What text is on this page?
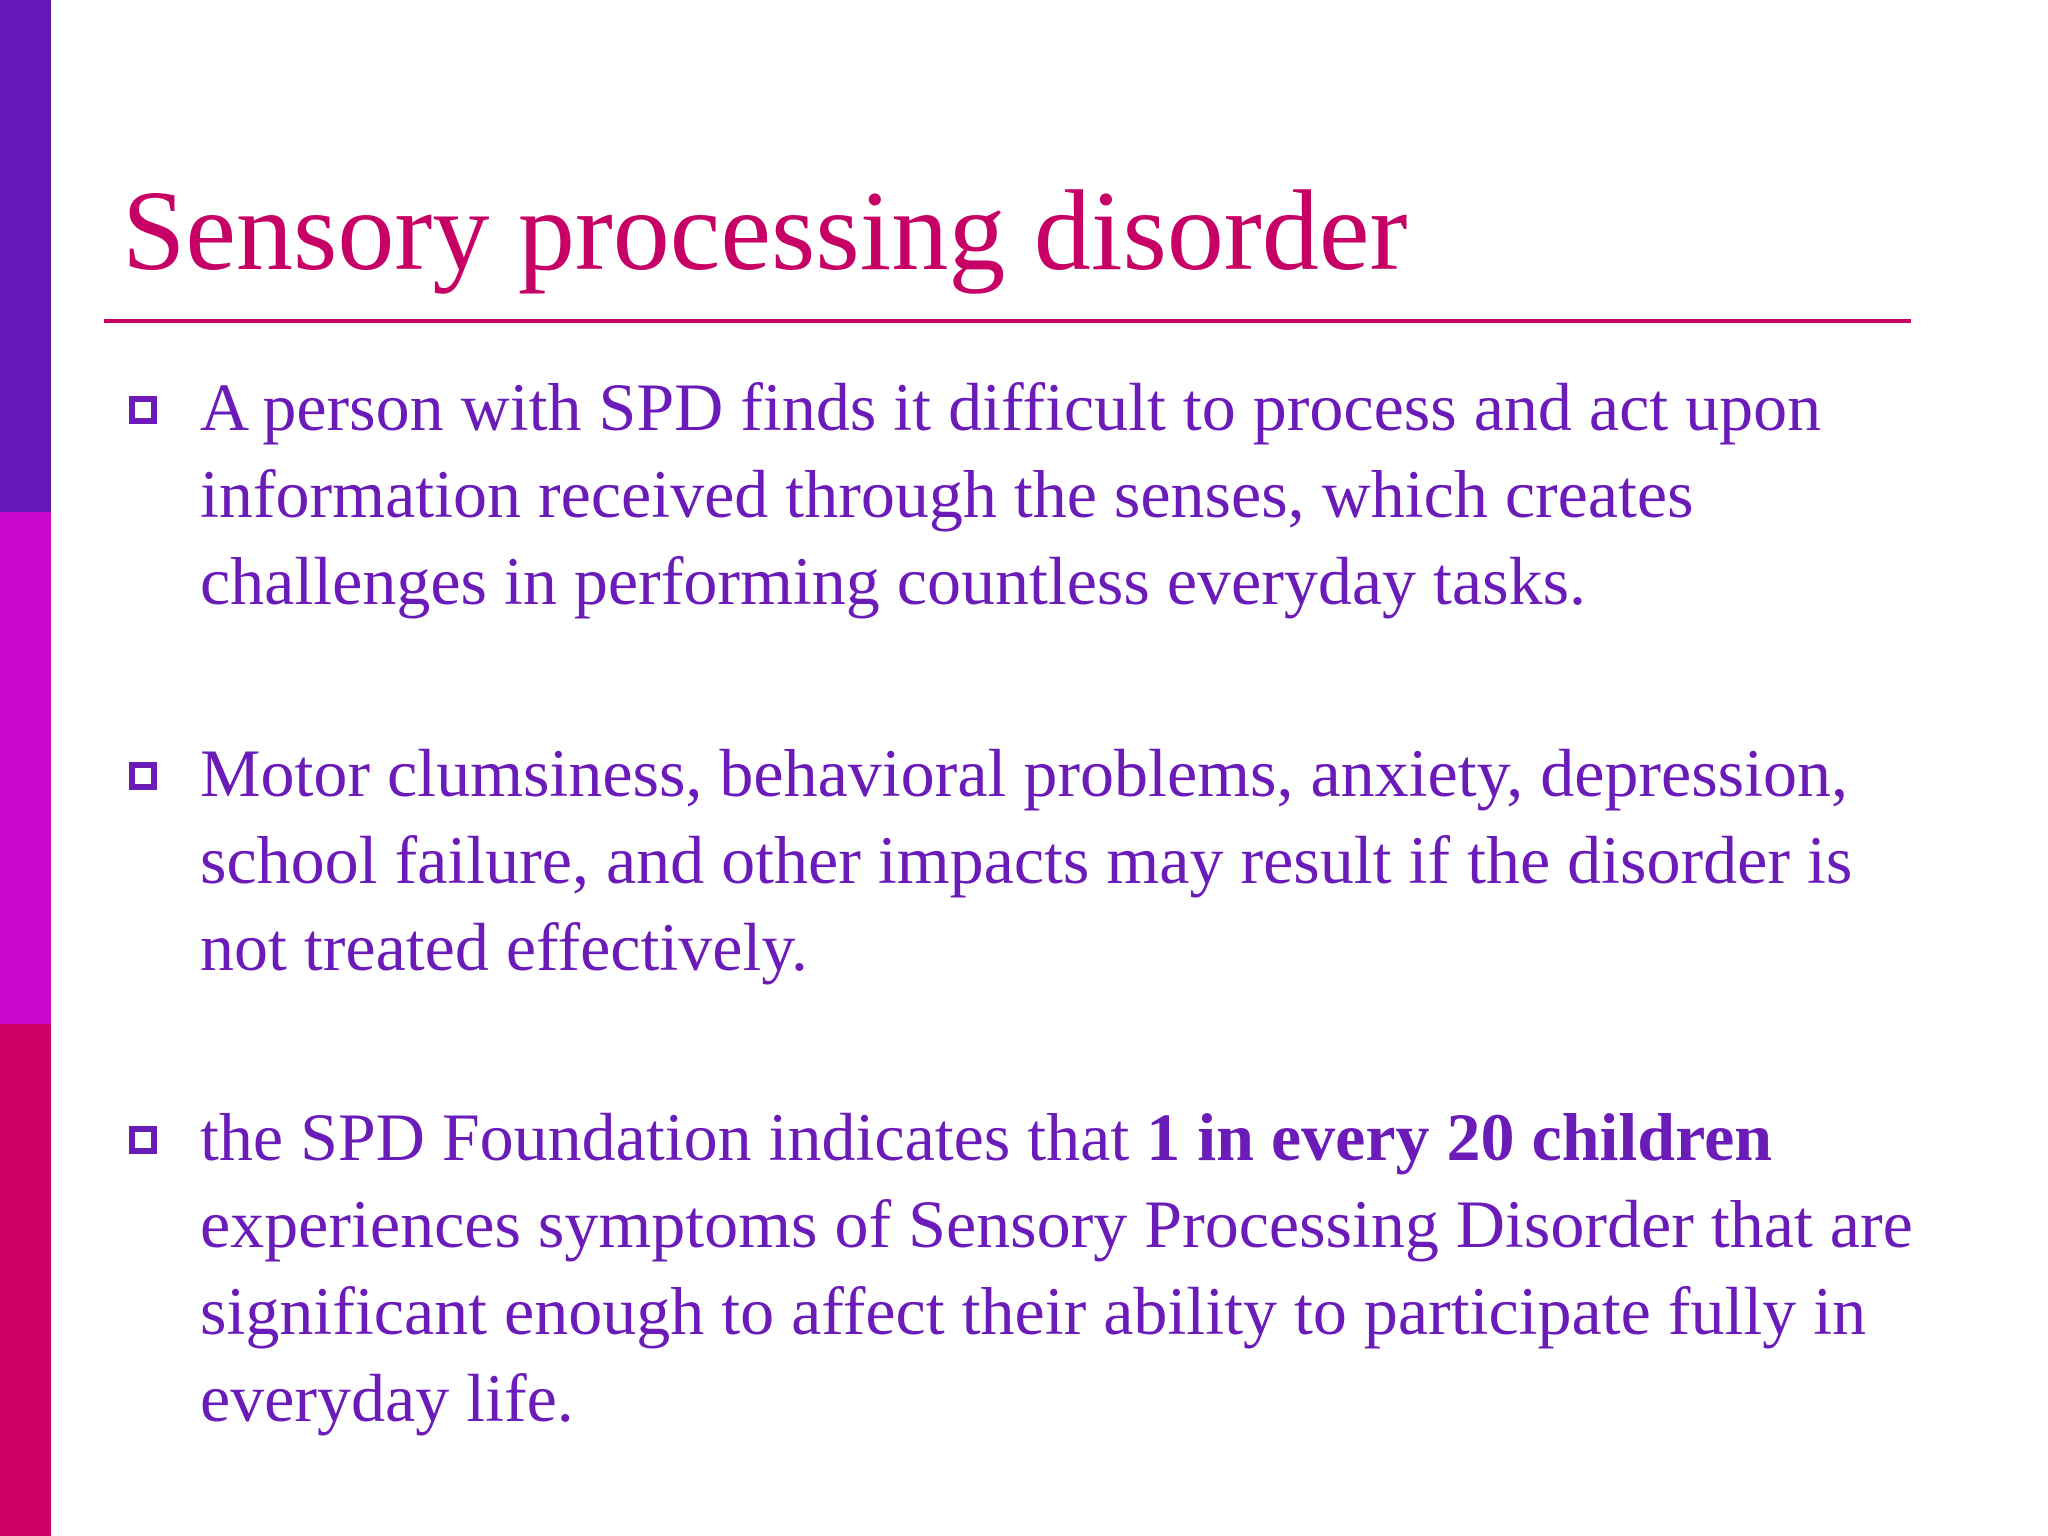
Sensory processing disorder

A person with SPD finds it difficult to process and act upon information received through the senses, which creates challenges in performing countless everyday tasks.

Motor clumsiness, behavioral problems, anxiety, depression, school failure, and other impacts may result if the disorder is not treated effectively.

the SPD Foundation indicates that 1 in every 20 children experiences symptoms of Sensory Processing Disorder that are significant enough to affect their ability to participate fully in everyday life.
